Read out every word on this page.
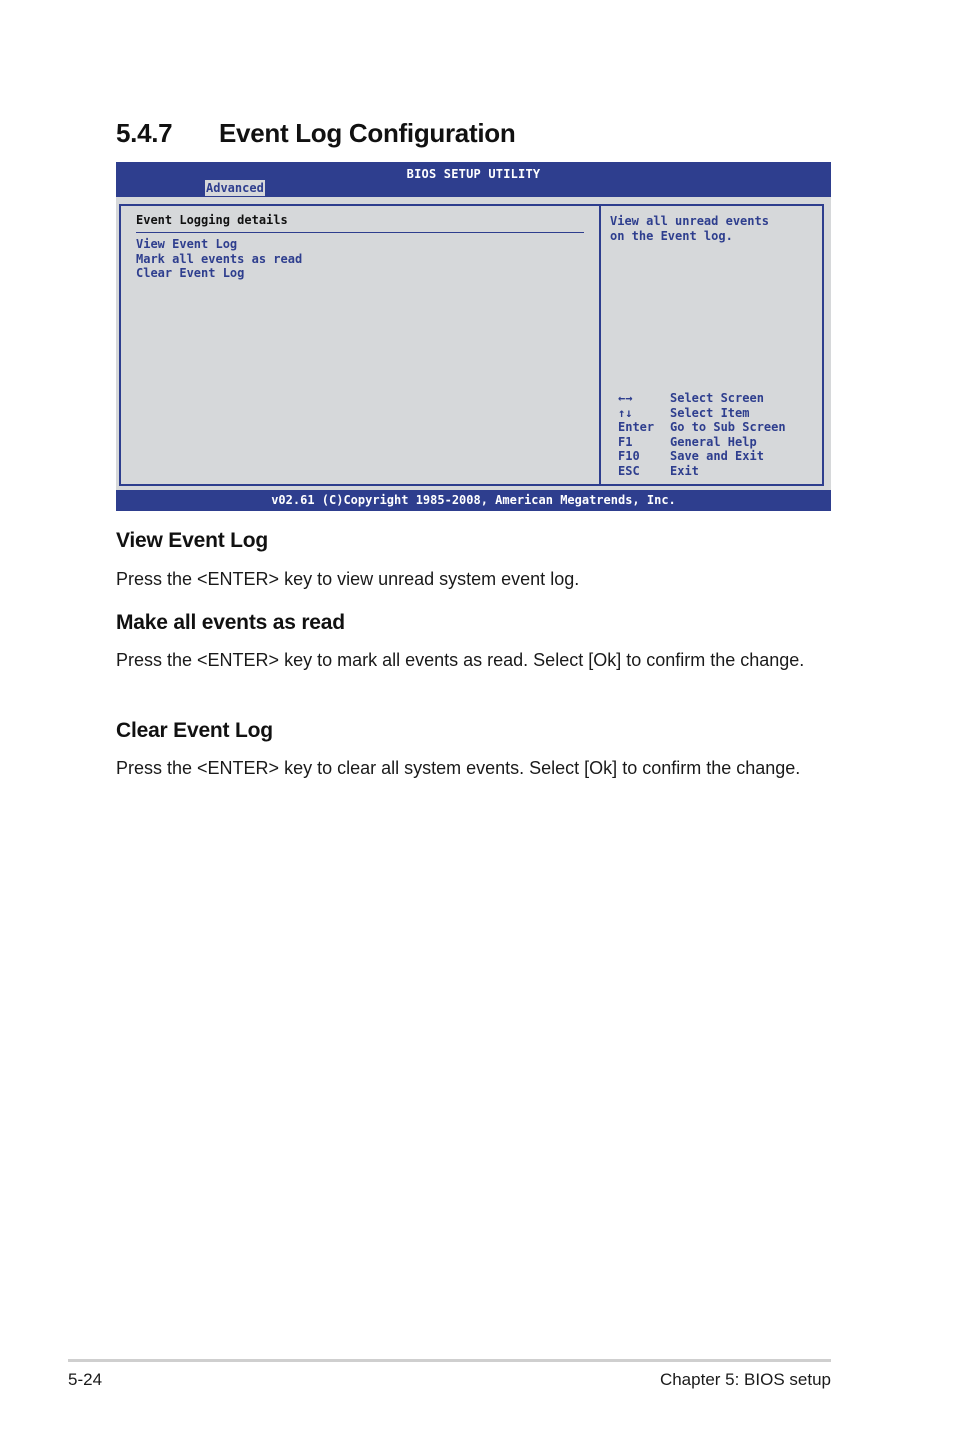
5.4.7 Event Log Configuration
BIOS SETUP UTILITY
Advanced
Event Logging details
View Event Log
Mark all events as read
Clear Event Log
View all unread events
on the Event log.
←→	Select Screen
↑↓	Select Item
Enter	Go to Sub Screen
F1	General Help
F10	Save and Exit
ESC	Exit
v02.61 (C)Copyright 1985-2008, American Megatrends, Inc.
View Event Log

Press the <ENTER> key to view unread system event log.

Make all events as read

Press the <ENTER> key to mark all events as read. Select [Ok] to confirm the change.

Clear Event Log

Press the <ENTER> key to clear all system events. Select [Ok] to confirm the change.

5-24	Chapter 5: BIOS setup
